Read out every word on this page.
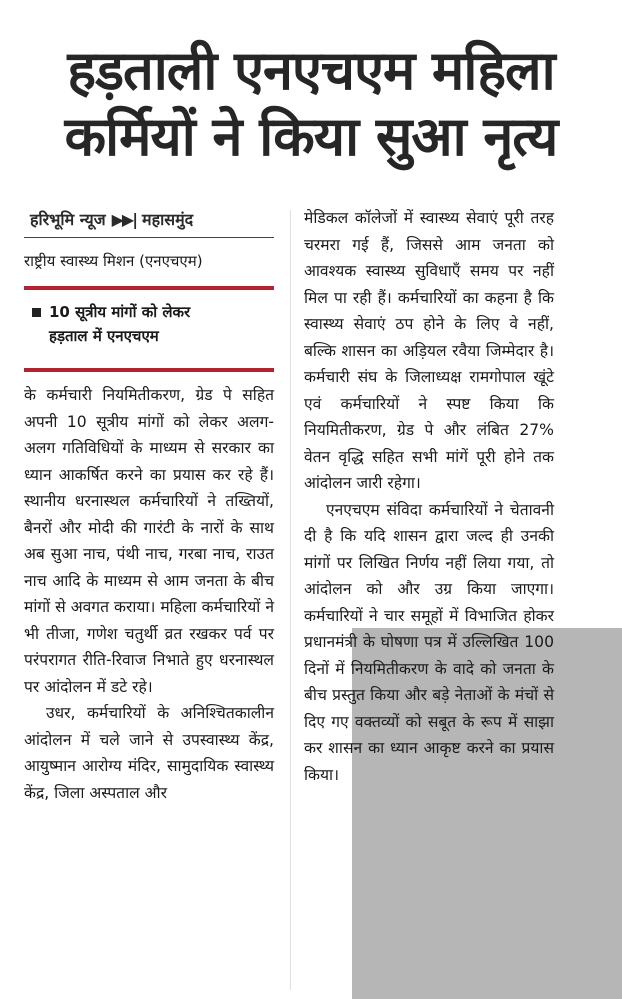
हड़ताली एनएचएम महिला
कर्मियों ने किया सुआ नृत्य
हरिभूमि न्यूज ▶▶| महासमुंद
राष्ट्रीय स्वास्थ्य मिशन (एनएचएम)
10 सूत्रीय मांगों को लेकर
हड़ताल में एनएचएम

के कर्मचारी नियमितीकरण, ग्रेड पे सहित अपनी 10 सूत्रीय मांगों को लेकर अलग-अलग गतिविधियों के माध्यम से सरकार का ध्यान आकर्षित करने का प्रयास कर रहे हैं। स्थानीय धरनास्थल कर्मचारियों ने तख्तियों, बैनरों और मोदी की गारंटी के नारों के साथ अब सुआ नाच, पंथी नाच, गरबा नाच, राउत नाच आदि के माध्यम से आम जनता के बीच मांगों से अवगत कराया। महिला कर्मचारियों ने भी तीजा, गणेश चतुर्थी व्रत रखकर पर्व पर परंपरागत रीति-रिवाज निभाते हुए धरनास्थल पर आंदोलन में डटे रहे।

उधर, कर्मचारियों के अनिश्चितकालीन आंदोलन में चले जाने से उपस्वास्थ्य केंद्र, आयुष्मान आरोग्य मंदिर, सामुदायिक स्वास्थ्य केंद्र, जिला अस्पताल और

मेडिकल कॉलेजों में स्वास्थ्य सेवाएं पूरी तरह चरमरा गई हैं, जिससे आम जनता को आवश्यक स्वास्थ्य सुविधाएँ समय पर नहीं मिल पा रही हैं। कर्मचारियों का कहना है कि स्वास्थ्य सेवाएं ठप होने के लिए वे नहीं, बल्कि शासन का अड़ियल रवैया जिम्मेदार है। कर्मचारी संघ के जिलाध्यक्ष रामगोपाल खूंटे एवं कर्मचारियों ने स्पष्ट किया कि नियमितीकरण, ग्रेड पे और लंबित 27% वेतन वृद्धि सहित सभी मांगें पूरी होने तक आंदोलन जारी रहेगा।

एनएचएम संविदा कर्मचारियों ने चेतावनी दी है कि यदि शासन द्वारा जल्द ही उनकी मांगों पर लिखित निर्णय नहीं लिया गया, तो आंदोलन को और उग्र किया जाएगा। कर्मचारियों ने चार समूहों में विभाजित होकर प्रधानमंत्री के घोषणा पत्र में उल्लिखित 100 दिनों में नियमितीकरण के वादे को जनता के बीच प्रस्तुत किया और बड़े नेताओं के मंचों से दिए गए वक्तव्यों को सबूत के रूप में साझा कर शासन का ध्यान आकृष्ट करने का प्रयास किया।
